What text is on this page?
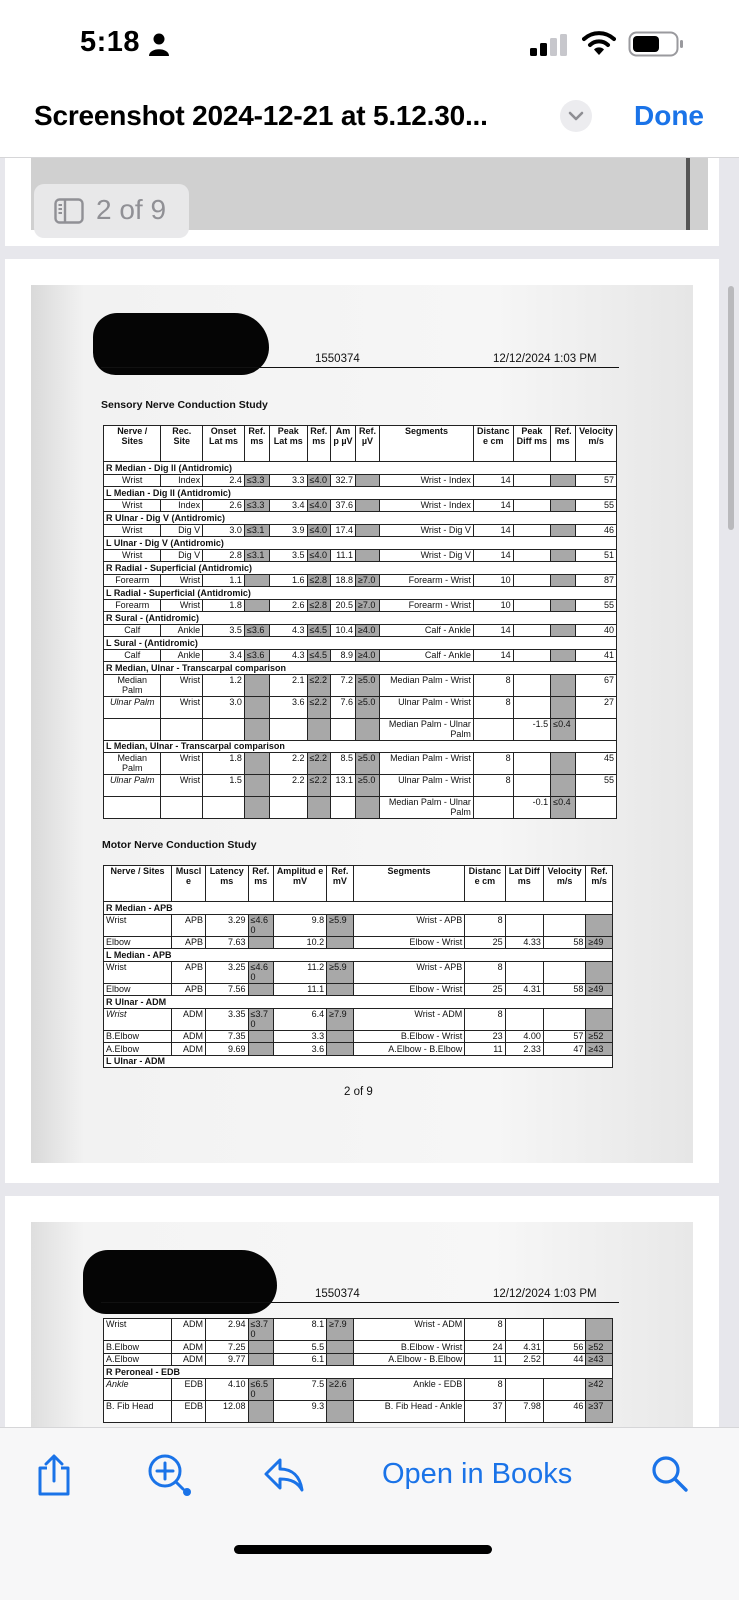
5:18
Screenshot 2024-12-21 at 5.12.30...	Done
1550374	12/12/2024 1:03 PM
Sensory Nerve Conduction Study
Nerve / Sites	Rec. Site	Onset Lat ms	Ref. ms	Peak Lat ms	Ref. ms	Am p µV	Ref. µV	Segments	Distanc e cm	Peak Diff ms	Ref. ms	Velocity m/s
R Median - Dig II (Antidromic)												
Wrist	Index	2.4	≤3.3	3.3	≤4.0	32.7		Wrist - Index	14			57
L Median - Dig II (Antidromic)												
Wrist	Index	2.6	≤3.3	3.4	≤4.0	37.6		Wrist - Index	14			55
R Ulnar - Dig V (Antidromic)												
Wrist	Dig V	3.0	≤3.1	3.9	≤4.0	17.4		Wrist - Dig V	14			46
L Ulnar - Dig V (Antidromic)												
Wrist	Dig V	2.8	≤3.1	3.5	≤4.0	11.1		Wrist - Dig V	14			51
R Radial - Superficial (Antidromic)												
Forearm	Wrist	1.1		1.6	≤2.8	18.8	≥7.0	Forearm - Wrist	10			87
L Radial - Superficial (Antidromic)												
Forearm	Wrist	1.8		2.6	≤2.8	20.5	≥7.0	Forearm - Wrist	10			55
R Sural - (Antidromic)												
Calf	Ankle	3.5	≤3.6	4.3	≤4.5	10.4	≥4.0	Calf - Ankle	14			40
L Sural - (Antidromic)												
Calf	Ankle	3.4	≤3.6	4.3	≤4.5	8.9	≥4.0	Calf - Ankle	14			41
R Median, Ulnar - Transcarpal comparison												
Median Palm	Wrist	1.2		2.1	≤2.2	7.2	≥5.0	Median Palm - Wrist	8			67
Ulnar Palm	Wrist	3.0		3.6	≤2.2	7.6	≥5.0	Ulnar Palm - Wrist	8			27
								Median Palm - Ulnar Palm		-1.5	≤0.4	
L Median, Ulnar - Transcarpal comparison												
Median Palm	Wrist	1.8		2.2	≤2.2	8.5	≥5.0	Median Palm - Wrist	8			45
Ulnar Palm	Wrist	1.5		2.2	≤2.2	13.1	≥5.0	Ulnar Palm - Wrist	8			55
								Median Palm - Ulnar Palm		-0.1	≤0.4	
Motor Nerve Conduction Study
Nerve / Sites	Muscl e	Latency ms	Ref. ms	Amplitud e mV	Ref. mV	Segments	Distanc e cm	Lat Diff ms	Velocity m/s	Ref. m/s
R Median - APB										
Wrist	APB	3.29	≤4.6 0	9.8	≥5.9	Wrist - APB	8			
Elbow	APB	7.63		10.2		Elbow - Wrist	25	4.33	58	≥49
L Median - APB										
Wrist	APB	3.25	≤4.6 0	11.2	≥5.9	Wrist - APB	8			
Elbow	APB	7.56		11.1		Elbow - Wrist	25	4.31	58	≥49
R Ulnar - ADM										
Wrist	ADM	3.35	≤3.7 0	6.4	≥7.9	Wrist - ADM	8			
B.Elbow	ADM	7.35		3.3		B.Elbow - Wrist	23	4.00	57	≥52
A.Elbow	ADM	9.69		3.6		A.Elbow - B.Elbow	11	2.33	47	≥43
L Ulnar - ADM										
2 of 9
1550374	12/12/2024 1:03 PM
Wrist	ADM	2.94	≤3.7 0	8.1	≥7.9	Wrist - ADM	8			
B.Elbow	ADM	7.25		5.5		B.Elbow - Wrist	24	4.31	56	≥52
A.Elbow	ADM	9.77		6.1		A.Elbow - B.Elbow	11	2.52	44	≥43
R Peroneal - EDB										
Ankle	EDB	4.10	≤6.5 0	7.5	≥2.6	Ankle - EDB	8			≥42
B. Fib Head	EDB	12.08		9.3		B. Fib Head - Ankle	37	7.98	46	≥37
2 of 9
Open in Books
